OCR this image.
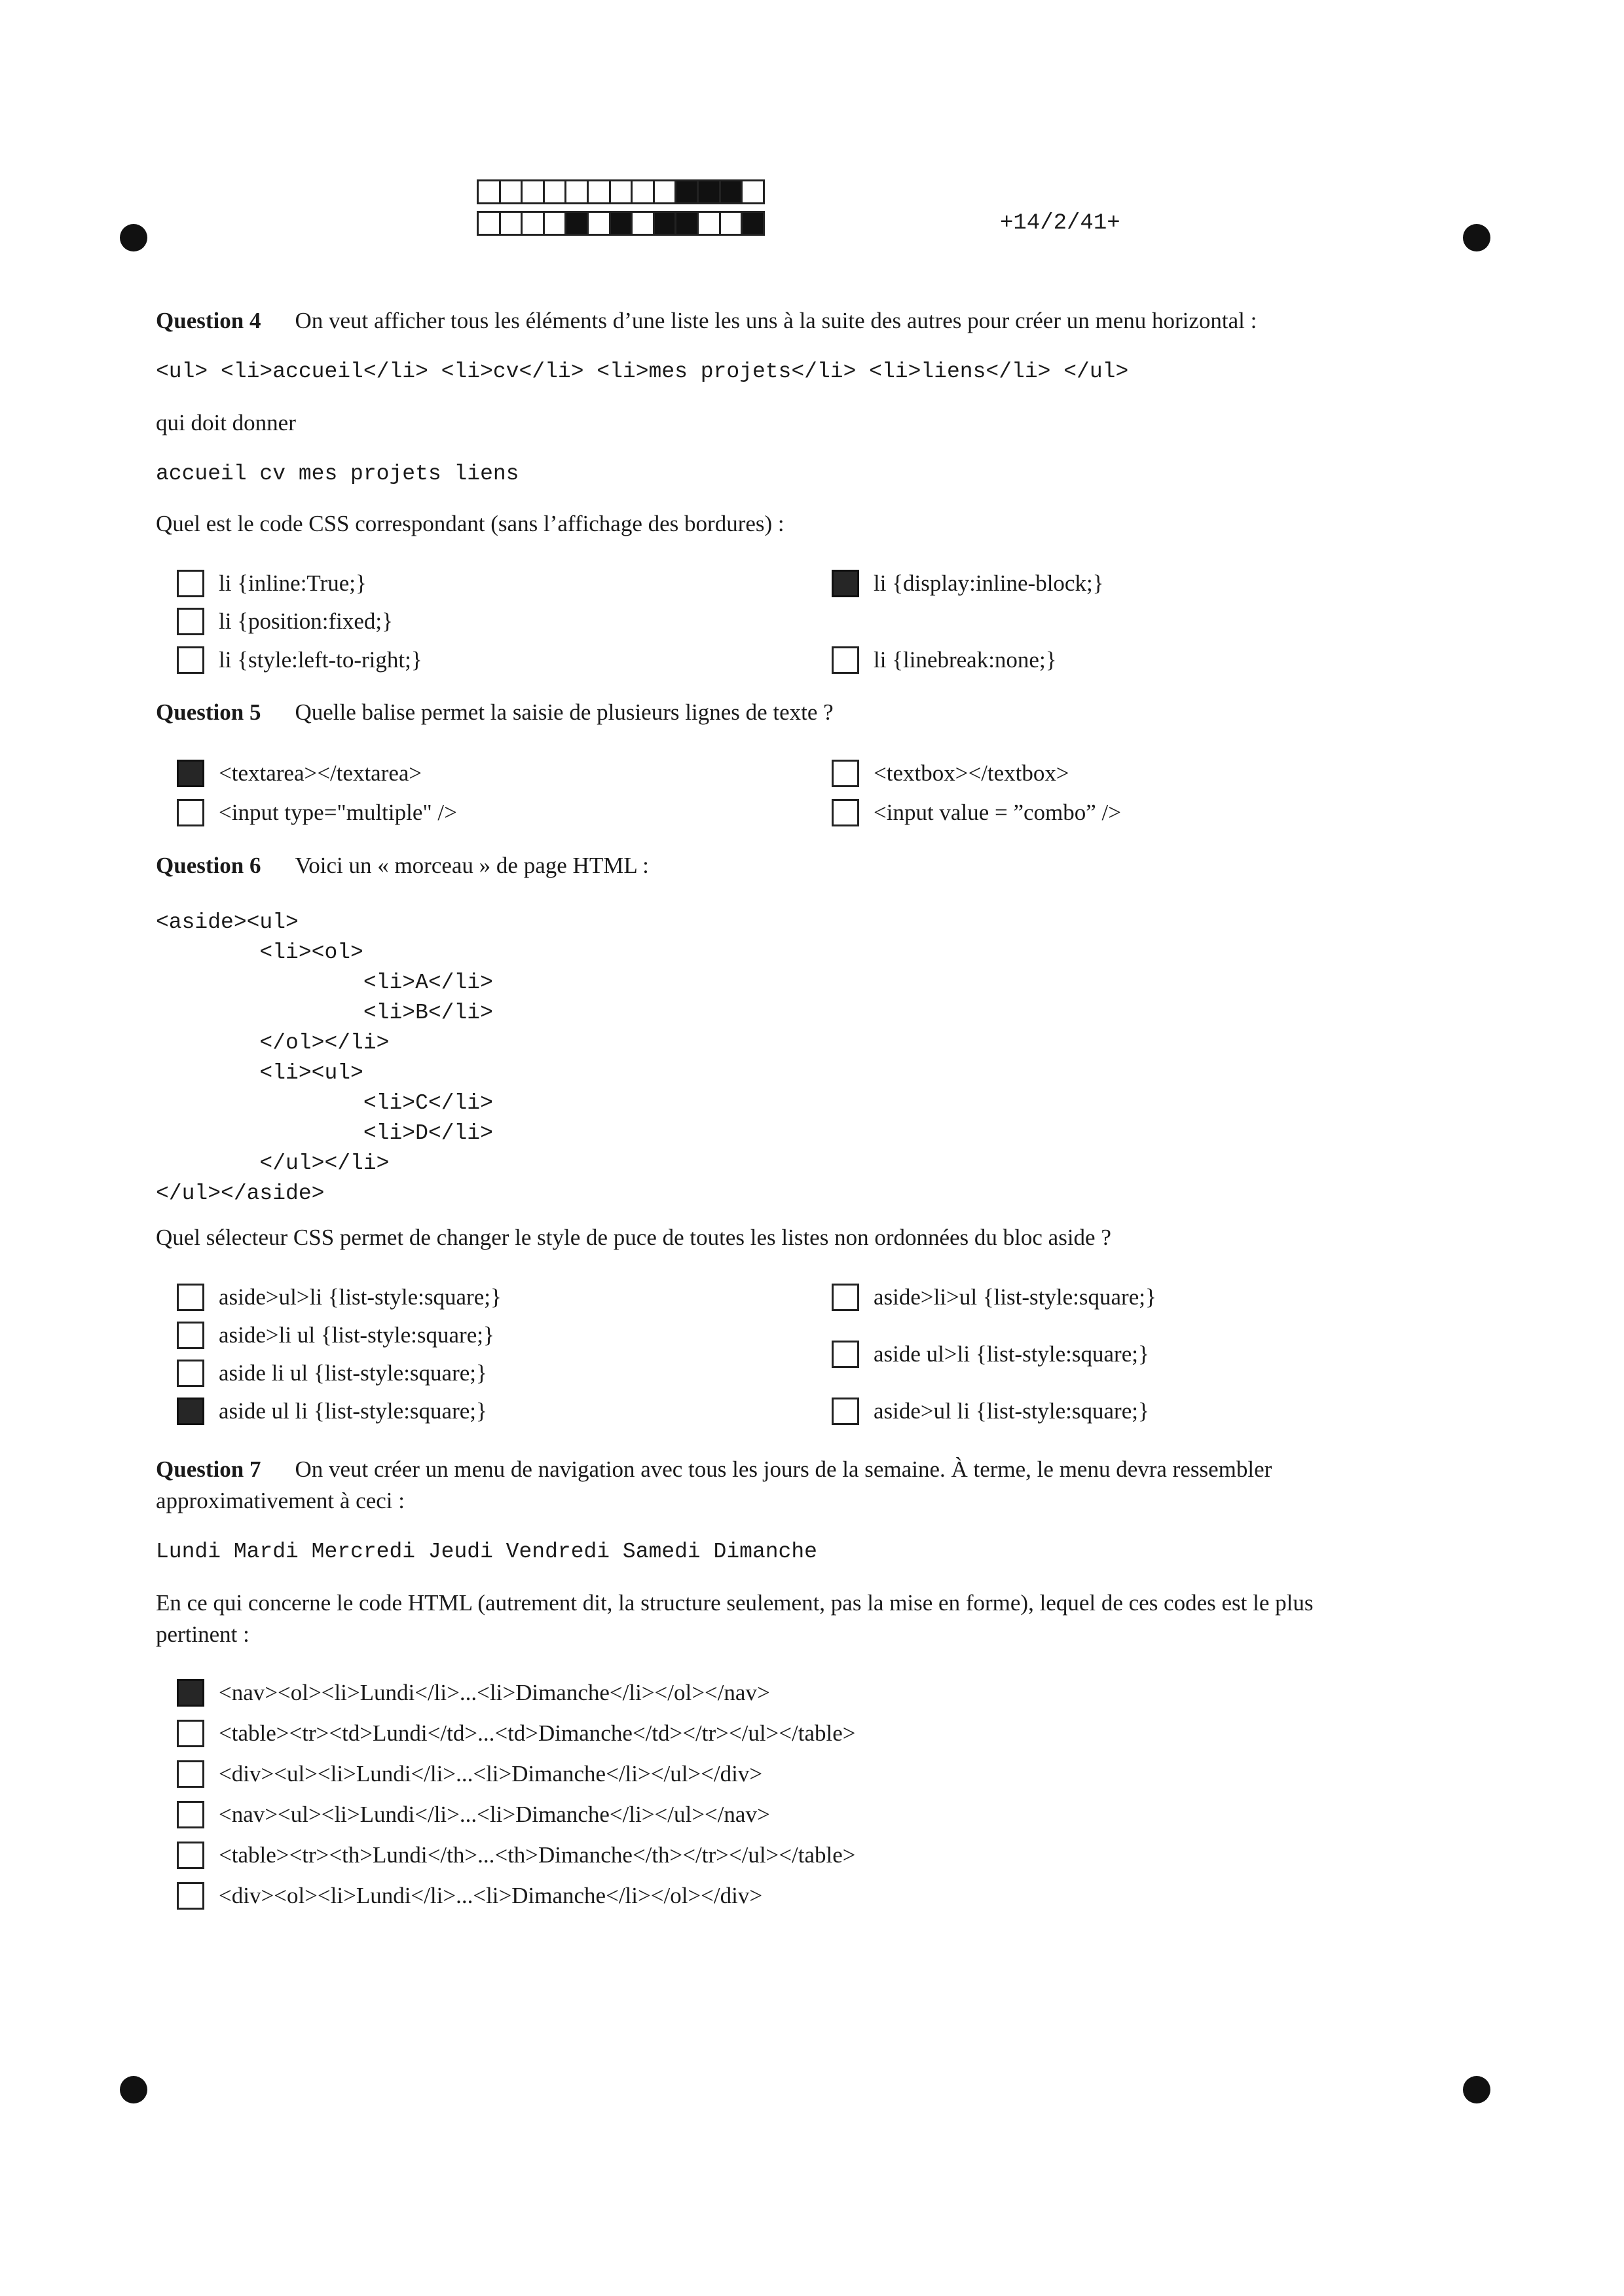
+14/2/41+
Question 4 On veut afficher tous les éléments d’une liste les uns à la suite des autres pour créer un menu horizontal :
<ul> <li>accueil</li> <li>cv</li> <li>mes projets</li> <li>liens</li> </ul>
qui doit donner
accueil cv mes projets liens
Quel est le code CSS correspondant (sans l’affichage des bordures) :
li {inline:True;}	li {display:inline-block;}
li {position:fixed;}
li {style:left-to-right;}	li {linebreak:none;}
Question 5 Quelle balise permet la saisie de plusieurs lignes de texte ?
<textarea></textarea>	<textbox></textbox>
<input type="multiple" />	<input value = ”combo” />
Question 6 Voici un « morceau » de page HTML :
<aside><ul>
<li><ol>
<li>A</li>
<li>B</li>
</ol></li>
<li><ul>
<li>C</li>
<li>D</li>
</ul></li>
</ul></aside>
Quel sélecteur CSS permet de changer le style de puce de toutes les listes non ordonnées du bloc aside ?
aside>ul>li {list-style:square;}	aside>li>ul {list-style:square;}
aside>li ul {list-style:square;}
aside ul>li {list-style:square;}
aside li ul {list-style:square;}
aside ul li {list-style:square;}	aside>ul li {list-style:square;}
Question 7 On veut créer un menu de navigation avec tous les jours de la semaine. À terme, le menu devra ressembler
approximativement à ceci :
Lundi Mardi Mercredi Jeudi Vendredi Samedi Dimanche
En ce qui concerne le code HTML (autrement dit, la structure seulement, pas la mise en forme), lequel de ces codes est le plus
pertinent :
<nav><ol><li>Lundi</li>...<li>Dimanche</li></ol></nav>
<table><tr><td>Lundi</td>...<td>Dimanche</td></tr></ul></table>
<div><ul><li>Lundi</li>...<li>Dimanche</li></ul></div>
<nav><ul><li>Lundi</li>...<li>Dimanche</li></ul></nav>
<table><tr><th>Lundi</th>...<th>Dimanche</th></tr></ul></table>
<div><ol><li>Lundi</li>...<li>Dimanche</li></ol></div>
